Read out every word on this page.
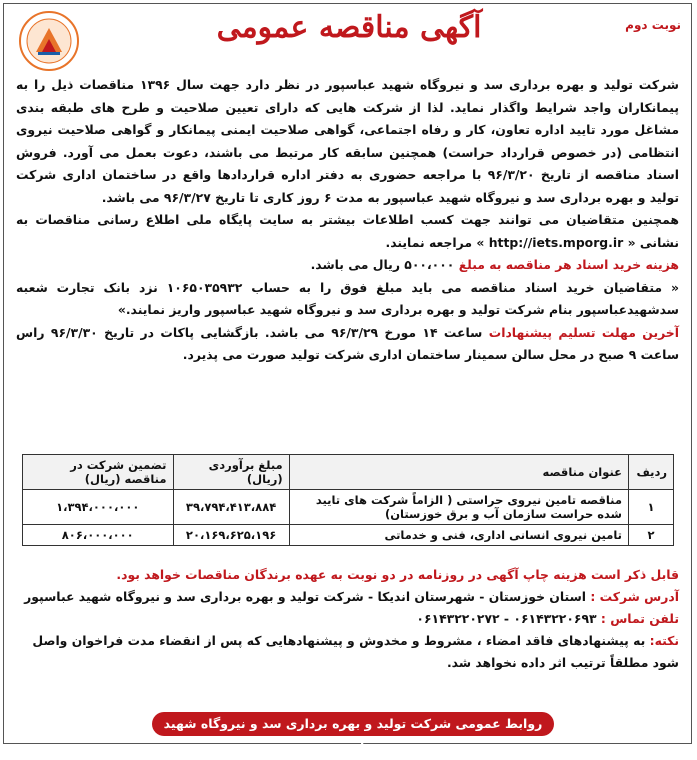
آگهی مناقصه عمومی	نوبت دوم

شرکت تولید و بهره برداری سد و نیروگاه شهید عباسپور در نظر دارد جهت سال ۱۳۹۶ مناقصات ذیل را به پیمانکاران واجد شرایط واگذار نماید. لذا از شرکت هایی که دارای تعیین صلاحیت و طرح های طبقه بندی مشاغل مورد تایید اداره تعاون، کار و رفاه اجتماعی، گواهی صلاحیت ایمنی پیمانکار و گواهی صلاحیت نیروی انتظامی (در خصوص قرارداد حراست) همچنین سابقه کار مرتبط می باشند، دعوت بعمل می آورد. فروش اسناد مناقصه از تاریخ ۹۶/۳/۲۰ با مراجعه حضوری به دفتر اداره قراردادها واقع در ساختمان اداری شرکت تولید و بهره برداری سد و نیروگاه شهید عباسپور به مدت ۶ روز کاری تا تاریخ ۹۶/۳/۲۷ می باشد.

همچنین متقاضیان می توانند جهت کسب اطلاعات بیشتر به سایت پایگاه ملی اطلاع رسانی مناقصات به نشانی « http://iets.mporg.ir » مراجعه نمایند.

هزینه خرید اسناد هر مناقصه به مبلغ ۵۰۰،۰۰۰ ریال می باشد.

« متقاضیان خرید اسناد مناقصه می باید مبلغ فوق را به حساب ۱۰۶۵۰۳۵۹۳۲ نزد بانک تجارت شعبه سدشهیدعباسپور بنام شرکت تولید و بهره برداری سد و نیروگاه شهید عباسپور واریز نمایند.»

آخرین مهلت تسلیم پیشنهادات ساعت ۱۴ مورخ ۹۶/۳/۲۹ می باشد. بازگشایی پاکات در تاریخ ۹۶/۳/۳۰ راس ساعت ۹ صبح در محل سالن سمینار ساختمان اداری شرکت تولید صورت می پذیرد.

ردیف	عنوان مناقصه	مبلغ برآوردی (ریال)	تضمین شرکت در مناقصه (ریال)
۱	مناقصه تامین نیروی حراستی ( الزاماً شرکت های تایید شده حراست سازمان آب و برق خوزستان)	۳۹،۷۹۴،۴۱۳،۸۸۴	۱،۳۹۴،۰۰۰،۰۰۰
۲	تامین نیروی انسانی اداری، فنی و خدماتی	۲۰،۱۶۹،۶۲۵،۱۹۶	۸۰۶،۰۰۰،۰۰۰

قابل ذکر است هزینه چاپ آگهی در روزنامه در دو نوبت به عهده برندگان مناقصات خواهد بود.

آدرس شرکت : استان خوزستان - شهرستان اندیکا - شرکت تولید و بهره برداری سد و نیروگاه شهید عباسپور

تلفن تماس : ۰۶۱۴۳۲۲۰۶۹۳ - ۰۶۱۴۳۲۲۰۲۷۲

نکته: به پیشنهادهای فاقد امضاء ، مشروط و مخدوش و پیشنهادهایی که پس از انقضاء مدت فراخوان واصل شود مطلقاً ترتیب اثر داده نخواهد شد.

روابط عمومی شرکت تولید و بهره برداری سد و نیروگاه شهید عباسپور
